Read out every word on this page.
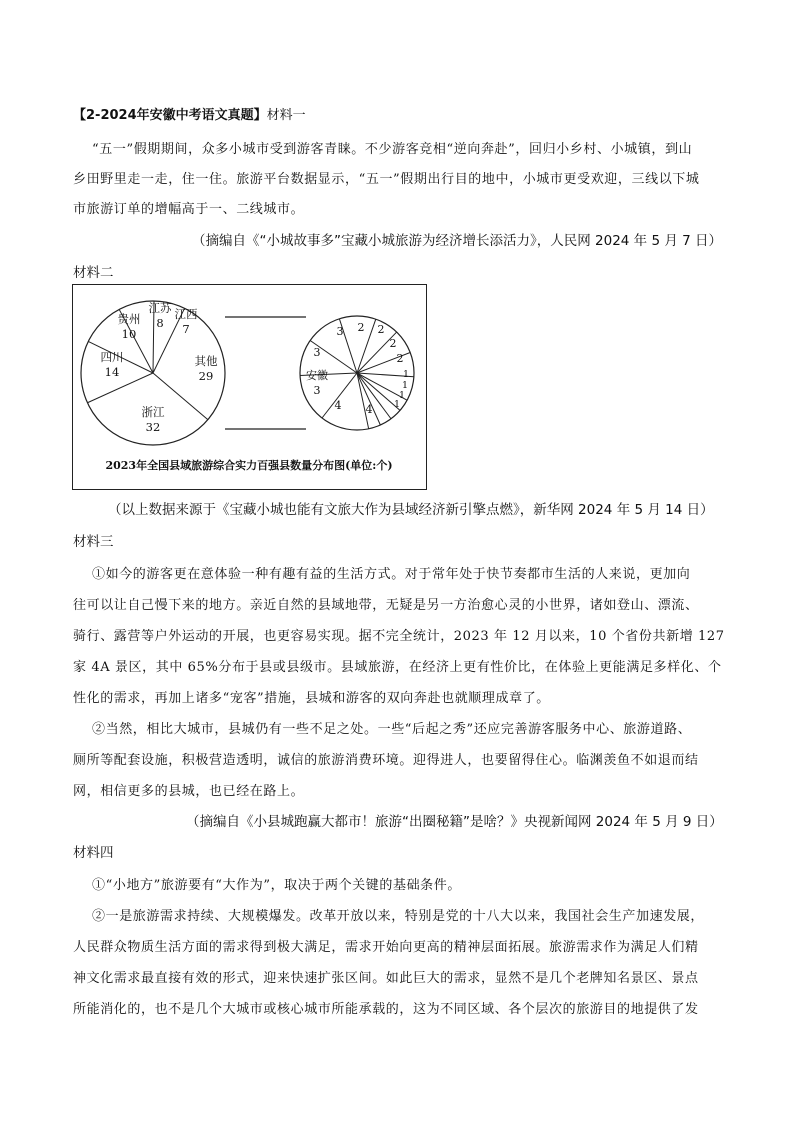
【2-2024年安徽中考语文真题】材料一
“五一”假期期间，众多小城市受到游客青睐。不少游客竞相“逆向奔赴”，回归小乡村、小城镇，到山
乡田野里走一走，住一住。旅游平台数据显示，“五一”假期出行目的地中，小城市更受欢迎，三线以下城
市旅游订单的增幅高于一、二线城市。
（摘编自《“小城故事多”宝藏小城旅游为经济增长添活力》，人民网 2024 年 5 月 7 日）
材料二
其他
29
浙江
32
四川
14
贵州
10
江苏
8
江西
7	3 2 2
2
2
1
1
1
1
4
4
3
安徽
3
2023年全国县域旅游综合实力百强县数量分布图(单位:个)
（以上数据来源于《宝藏小城也能有文旅大作为县域经济新引擎点燃》，新华网 2024 年 5 月 14 日）
材料三
①如今的游客更在意体验一种有趣有益的生活方式。对于常年处于快节奏都市生活的人来说，更加向
往可以让自己慢下来的地方。亲近自然的县域地带，无疑是另一方治愈心灵的小世界，诸如登山、漂流、
骑行、露营等户外运动的开展，也更容易实现。据不完全统计，2023 年 12 月以来，10 个省份共新增 127
家 4A 景区，其中 65%分布于县或县级市。县域旅游，在经济上更有性价比，在体验上更能满足多样化、个
性化的需求，再加上诸多“宠客”措施，县城和游客的双向奔赴也就顺理成章了。
②当然，相比大城市，县城仍有一些不足之处。一些“后起之秀”还应完善游客服务中心、旅游道路、
厕所等配套设施，积极营造透明，诚信的旅游消费环境。迎得进人，也要留得住心。临渊羡鱼不如退而结
网，相信更多的县城，也已经在路上。
（摘编自《小县城跑赢大都市！旅游“出圈秘籍”是啥？》央视新闻网 2024 年 5 月 9 日）
材料四
①“小地方”旅游要有“大作为”，取决于两个关键的基础条件。
②一是旅游需求持续、大规模爆发。改革开放以来，特别是党的十八大以来，我国社会生产加速发展，
人民群众物质生活方面的需求得到极大满足，需求开始向更高的精神层面拓展。旅游需求作为满足人们精
神文化需求最直接有效的形式，迎来快速扩张区间。如此巨大的需求，显然不是几个老牌知名景区、景点
所能消化的，也不是几个大城市或核心城市所能承载的，这为不同区域、各个层次的旅游目的地提供了发
